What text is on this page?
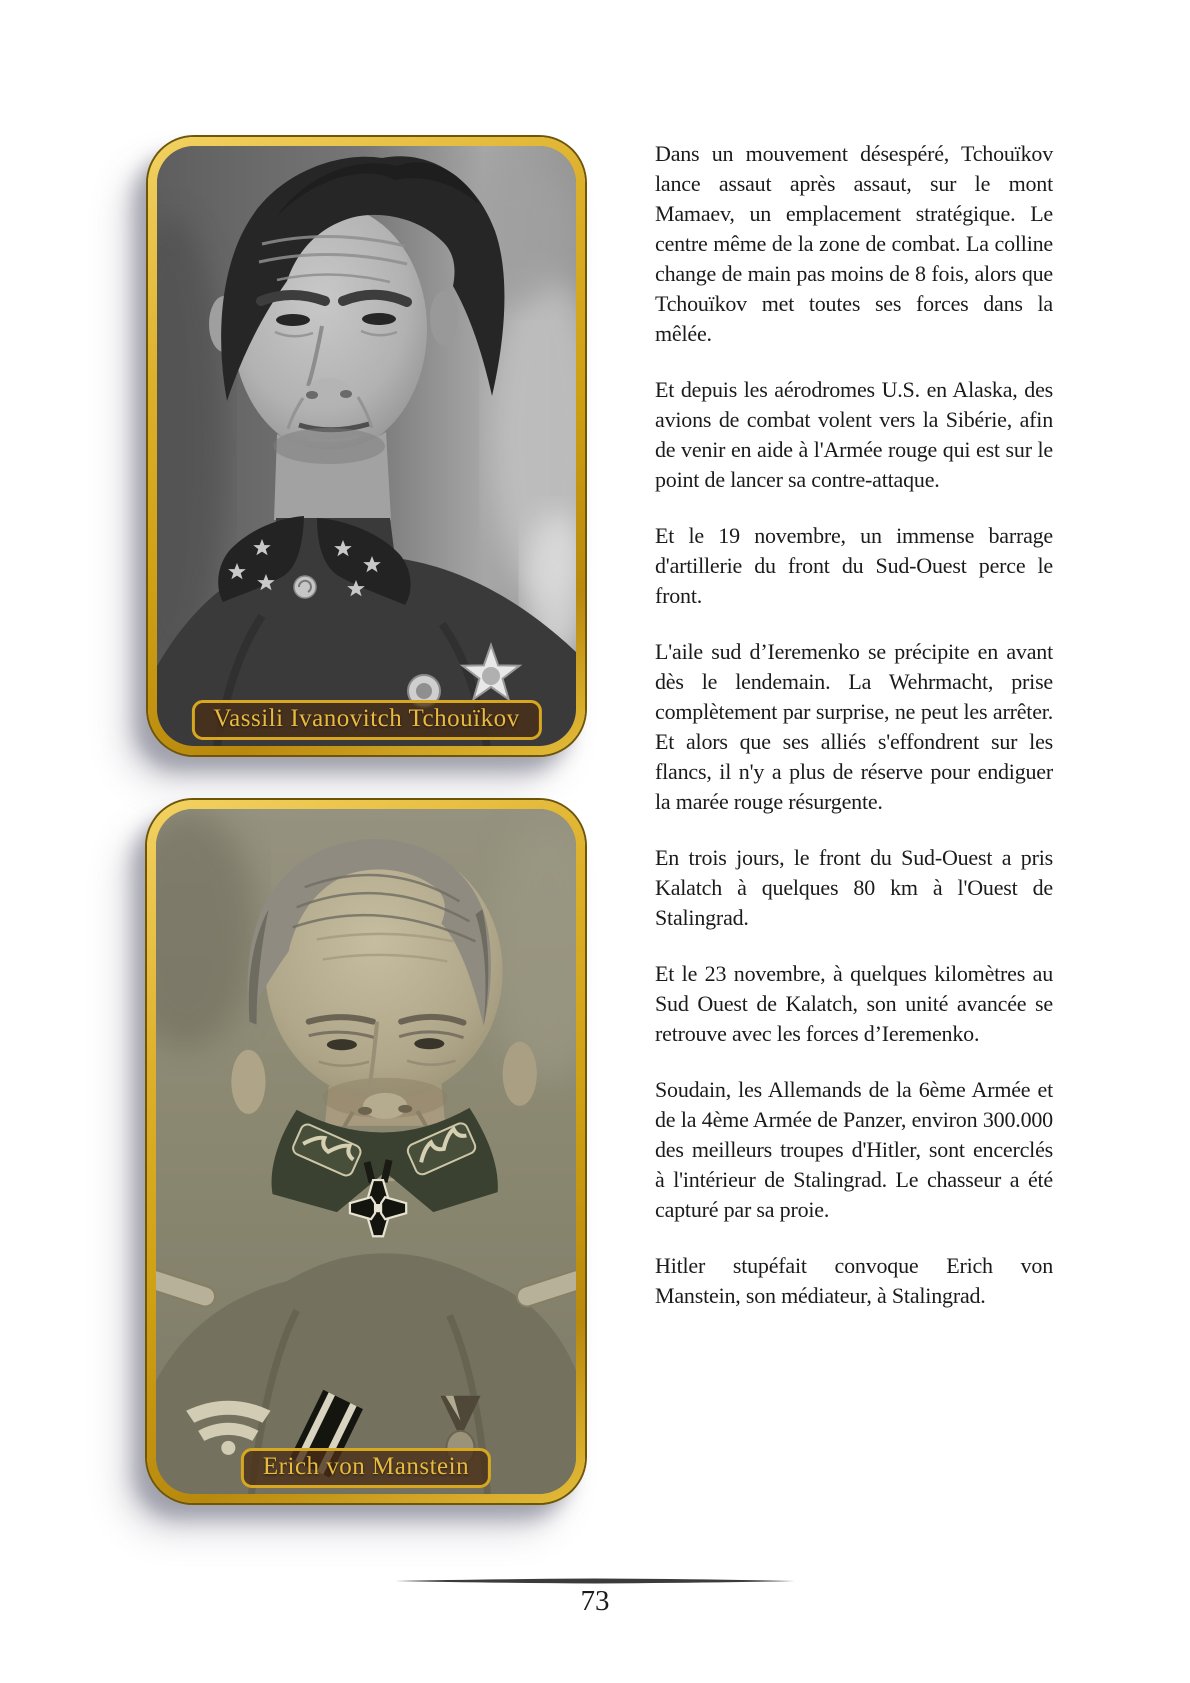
Vassili Ivanovitch Tchouïkov
Erich von Manstein

Dans un mouvement désespéré, Tchouïkov lance assaut après assaut, sur le mont Mamaev, un emplacement stratégique. Le centre même de la zone de combat. La colline change de main pas moins de 8 fois, alors que Tchouïkov met toutes ses forces dans la mêlée.

Et depuis les aérodromes U.S. en Alaska, des avions de combat volent vers la Sibérie, afin de venir en aide à l'Armée rouge qui est sur le point de lancer sa contre-attaque.

Et le 19 novembre, un immense barrage d'artillerie du front du Sud-Ouest perce le front.

L'aile sud d’Ieremenko se précipite en avant dès le lendemain. La Wehrmacht, prise complètement par surprise, ne peut les arrêter. Et alors que ses alliés s'effondrent sur les flancs, il n'y a plus de réserve pour endiguer la marée rouge résurgente.

En trois jours, le front du Sud-Ouest a pris Kalatch à quelques 80 km à l'Ouest de Stalingrad.

Et le 23 novembre, à quelques kilomètres au Sud Ouest de Kalatch, son unité avancée se retrouve avec les forces d’Ieremenko.

Soudain, les Allemands de la 6ème Armée et de la 4ème Armée de Panzer, environ 300.000 des meilleurs troupes d'Hitler, sont encerclés à l'intérieur de Stalingrad. Le chasseur a été capturé par sa proie.

Hitler stupéfait convoque Erich von Manstein, son médiateur, à Stalingrad.

73
